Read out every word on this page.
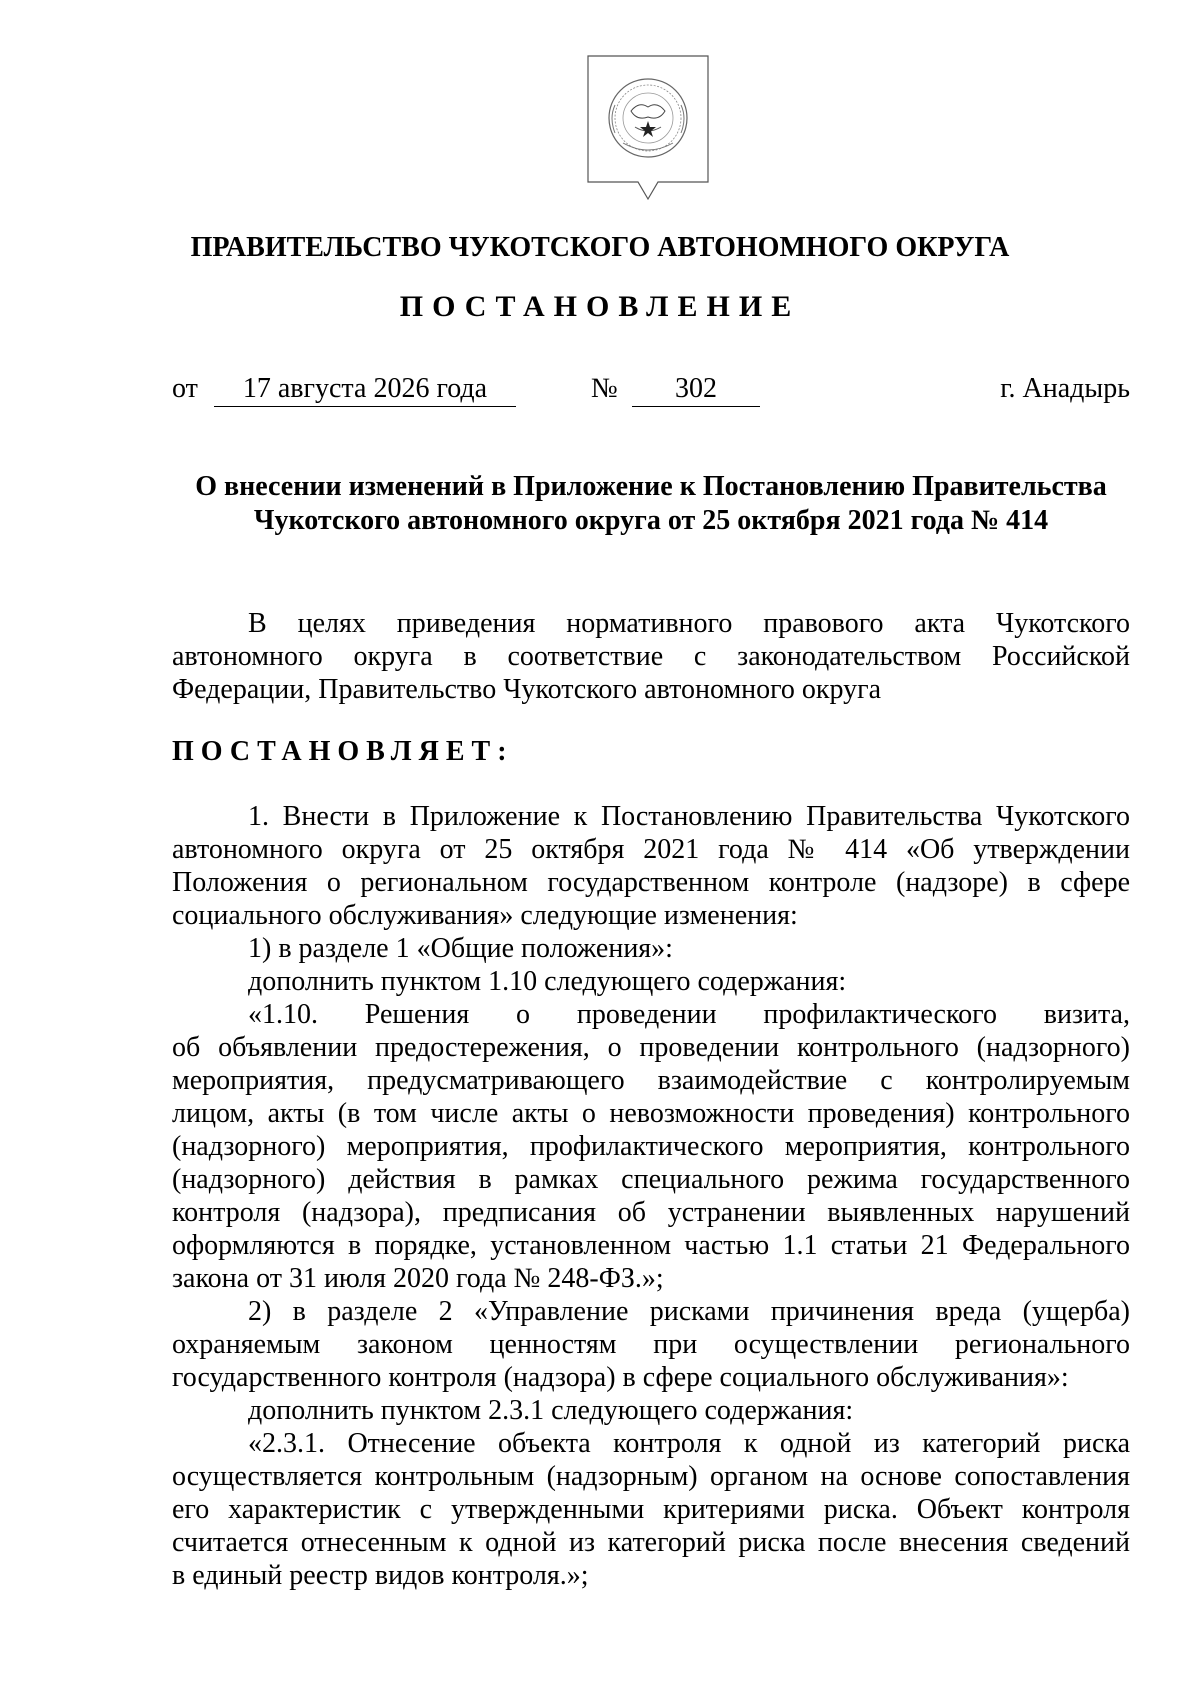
ПРАВИТЕЛЬСТВО ЧУКОТСКОГО АВТОНОМНОГО ОКРУГА
ПОСТАНОВЛЕНИЕ
от	17 августа 2026 года	№	302	г. Анадырь
О внесении изменений в Приложение к Постановлению Правительства
Чукотского автономного округа от 25 октября 2021 года № 414
В целях приведения нормативного правового акта Чукотского
автономного округа в соответствие с законодательством Российской
Федерации, Правительство Чукотского автономного округа
ПОСТАНОВЛЯЕТ:
1. Внести в Приложение к Постановлению Правительства Чукотского
автономного округа от 25 октября 2021 года № 414 «Об утверждении
Положения о региональном государственном контроле (надзоре) в сфере
социального обслуживания» следующие изменения:
1) в разделе 1 «Общие положения»:
дополнить пунктом 1.10 следующего содержания:
«1.10. Решения о проведении профилактического визита,
об объявлении предостережения, о проведении контрольного (надзорного)
мероприятия, предусматривающего взаимодействие с контролируемым
лицом, акты (в том числе акты о невозможности проведения) контрольного
(надзорного) мероприятия, профилактического мероприятия, контрольного
(надзорного) действия в рамках специального режима государственного
контроля (надзора), предписания об устранении выявленных нарушений
оформляются в порядке, установленном частью 1.1 статьи 21 Федерального
закона от 31 июля 2020 года № 248-ФЗ.»;
2) в разделе 2 «Управление рисками причинения вреда (ущерба)
охраняемым законом ценностям при осуществлении регионального
государственного контроля (надзора) в сфере социального обслуживания»:
дополнить пунктом 2.3.1 следующего содержания:
«2.3.1. Отнесение объекта контроля к одной из категорий риска
осуществляется контрольным (надзорным) органом на основе сопоставления
его характеристик с утвержденными критериями риска. Объект контроля
считается отнесенным к одной из категорий риска после внесения сведений
в единый реестр видов контроля.»;
